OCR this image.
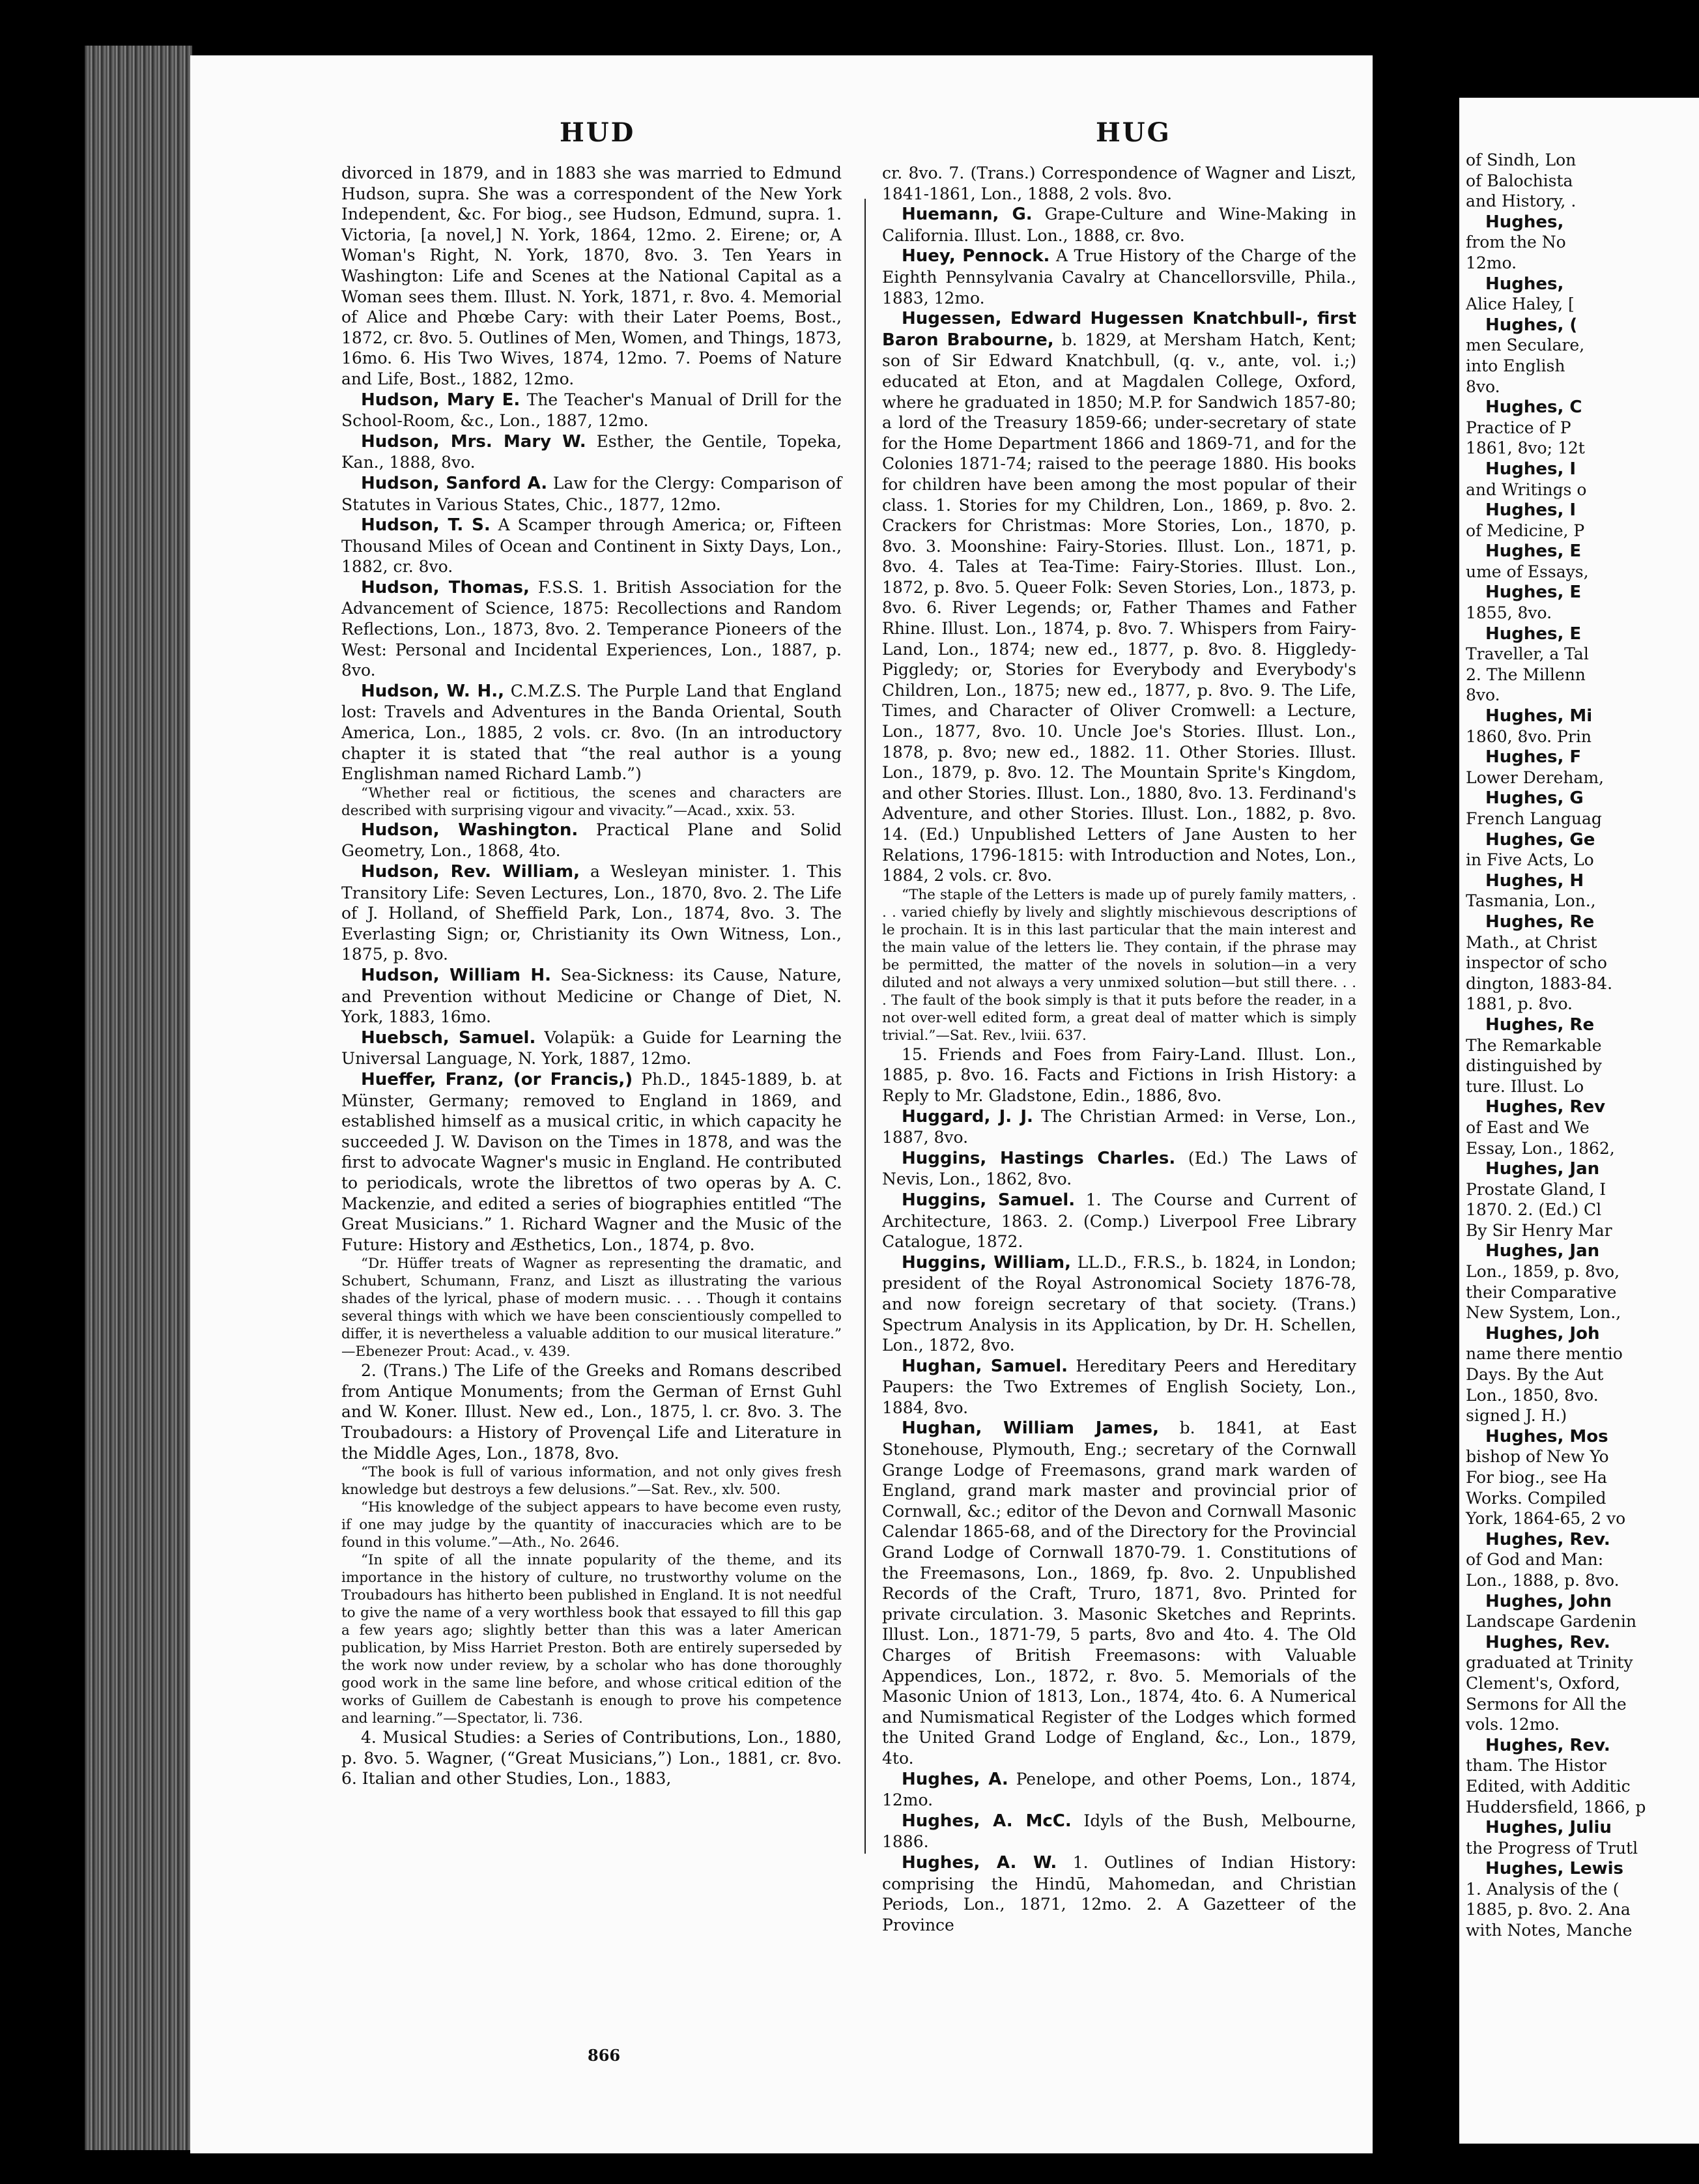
HUD	HUG

divorced in 1879, and in 1883 she was married to Edmund Hudson, supra. She was a correspondent of the New York Independent, &c. For biog., see Hudson, Edmund, supra. 1. Victoria, [a novel,] N. York, 1864, 12mo. 2. Eirene; or, A Woman's Right, N. York, 1870, 8vo. 3. Ten Years in Washington: Life and Scenes at the National Capital as a Woman sees them. Illust. N. York, 1871, r. 8vo. 4. Memorial of Alice and Phœbe Cary: with their Later Poems, Bost., 1872, cr. 8vo. 5. Outlines of Men, Women, and Things, 1873, 16mo. 6. His Two Wives, 1874, 12mo. 7. Poems of Nature and Life, Bost., 1882, 12mo.

Hudson, Mary E. The Teacher's Manual of Drill for the School-Room, &c., Lon., 1887, 12mo.

Hudson, Mrs. Mary W. Esther, the Gentile, Topeka, Kan., 1888, 8vo.

Hudson, Sanford A. Law for the Clergy: Comparison of Statutes in Various States, Chic., 1877, 12mo.

Hudson, T. S. A Scamper through America; or, Fifteen Thousand Miles of Ocean and Continent in Sixty Days, Lon., 1882, cr. 8vo.

Hudson, Thomas, F.S.S. 1. British Association for the Advancement of Science, 1875: Recollections and Random Reflections, Lon., 1873, 8vo. 2. Temperance Pioneers of the West: Personal and Incidental Experiences, Lon., 1887, p. 8vo.

Hudson, W. H., C.M.Z.S. The Purple Land that England lost: Travels and Adventures in the Banda Oriental, South America, Lon., 1885, 2 vols. cr. 8vo. (In an introductory chapter it is stated that “the real author is a young Englishman named Richard Lamb.”)

“Whether real or fictitious, the scenes and characters are described with surprising vigour and vivacity.”—Acad., xxix. 53.

Hudson, Washington. Practical Plane and Solid Geometry, Lon., 1868, 4to.

Hudson, Rev. William, a Wesleyan minister. 1. This Transitory Life: Seven Lectures, Lon., 1870, 8vo. 2. The Life of J. Holland, of Sheffield Park, Lon., 1874, 8vo. 3. The Everlasting Sign; or, Christianity its Own Witness, Lon., 1875, p. 8vo.

Hudson, William H. Sea-Sickness: its Cause, Nature, and Prevention without Medicine or Change of Diet, N. York, 1883, 16mo.

Huebsch, Samuel. Volapük: a Guide for Learning the Universal Language, N. York, 1887, 12mo.

Hueffer, Franz, (or Francis,) Ph.D., 1845-1889, b. at Münster, Germany; removed to England in 1869, and established himself as a musical critic, in which capacity he succeeded J. W. Davison on the Times in 1878, and was the first to advocate Wagner's music in England. He contributed to periodicals, wrote the librettos of two operas by A. C. Mackenzie, and edited a series of biographies entitled “The Great Musicians.” 1. Richard Wagner and the Music of the Future: History and Æsthetics, Lon., 1874, p. 8vo.

“Dr. Hüffer treats of Wagner as representing the dramatic, and Schubert, Schumann, Franz, and Liszt as illustrating the various shades of the lyrical, phase of modern music. . . . Though it contains several things with which we have been conscientiously compelled to differ, it is nevertheless a valuable addition to our musical literature.” —Ebenezer Prout: Acad., v. 439.

2. (Trans.) The Life of the Greeks and Romans described from Antique Monuments; from the German of Ernst Guhl and W. Koner. Illust. New ed., Lon., 1875, l. cr. 8vo. 3. The Troubadours: a History of Provençal Life and Literature in the Middle Ages, Lon., 1878, 8vo.

“The book is full of various information, and not only gives fresh knowledge but destroys a few delusions.”—Sat. Rev., xlv. 500.

“His knowledge of the subject appears to have become even rusty, if one may judge by the quantity of inaccuracies which are to be found in this volume.”—Ath., No. 2646.

“In spite of all the innate popularity of the theme, and its importance in the history of culture, no trustworthy volume on the Troubadours has hitherto been published in England. It is not needful to give the name of a very worthless book that essayed to fill this gap a few years ago; slightly better than this was a later American publication, by Miss Harriet Preston. Both are entirely superseded by the work now under review, by a scholar who has done thoroughly good work in the same line before, and whose critical edition of the works of Guillem de Cabestanh is enough to prove his competence and learning.”—Spectator, li. 736.

4. Musical Studies: a Series of Contributions, Lon., 1880, p. 8vo. 5. Wagner, (“Great Musicians,”) Lon., 1881, cr. 8vo. 6. Italian and other Studies, Lon., 1883,

cr. 8vo. 7. (Trans.) Correspondence of Wagner and Liszt, 1841-1861, Lon., 1888, 2 vols. 8vo.

Huemann, G. Grape-Culture and Wine-Making in California. Illust. Lon., 1888, cr. 8vo.

Huey, Pennock. A True History of the Charge of the Eighth Pennsylvania Cavalry at Chancellorsville, Phila., 1883, 12mo.

Hugessen, Edward Hugessen Knatchbull-, first Baron Brabourne, b. 1829, at Mersham Hatch, Kent; son of Sir Edward Knatchbull, (q. v., ante, vol. i.;) educated at Eton, and at Magdalen College, Oxford, where he graduated in 1850; M.P. for Sandwich 1857-80; a lord of the Treasury 1859-66; under-secretary of state for the Home Department 1866 and 1869-71, and for the Colonies 1871-74; raised to the peerage 1880. His books for children have been among the most popular of their class. 1. Stories for my Children, Lon., 1869, p. 8vo. 2. Crackers for Christmas: More Stories, Lon., 1870, p. 8vo. 3. Moonshine: Fairy-Stories. Illust. Lon., 1871, p. 8vo. 4. Tales at Tea-Time: Fairy-Stories. Illust. Lon., 1872, p. 8vo. 5. Queer Folk: Seven Stories, Lon., 1873, p. 8vo. 6. River Legends; or, Father Thames and Father Rhine. Illust. Lon., 1874, p. 8vo. 7. Whispers from Fairy-Land, Lon., 1874; new ed., 1877, p. 8vo. 8. Higgledy-Piggledy; or, Stories for Everybody and Everybody's Children, Lon., 1875; new ed., 1877, p. 8vo. 9. The Life, Times, and Character of Oliver Cromwell: a Lecture, Lon., 1877, 8vo. 10. Uncle Joe's Stories. Illust. Lon., 1878, p. 8vo; new ed., 1882. 11. Other Stories. Illust. Lon., 1879, p. 8vo. 12. The Mountain Sprite's Kingdom, and other Stories. Illust. Lon., 1880, 8vo. 13. Ferdinand's Adventure, and other Stories. Illust. Lon., 1882, p. 8vo. 14. (Ed.) Unpublished Letters of Jane Austen to her Relations, 1796-1815: with Introduction and Notes, Lon., 1884, 2 vols. cr. 8vo.

“The staple of the Letters is made up of purely family matters, . . . varied chiefly by lively and slightly mischievous descriptions of le prochain. It is in this last particular that the main interest and the main value of the letters lie. They contain, if the phrase may be permitted, the matter of the novels in solution—in a very diluted and not always a very unmixed solution—but still there. . . . The fault of the book simply is that it puts before the reader, in a not over-well edited form, a great deal of matter which is simply trivial.”—Sat. Rev., lviii. 637.

15. Friends and Foes from Fairy-Land. Illust. Lon., 1885, p. 8vo. 16. Facts and Fictions in Irish History: a Reply to Mr. Gladstone, Edin., 1886, 8vo.

Huggard, J. J. The Christian Armed: in Verse, Lon., 1887, 8vo.

Huggins, Hastings Charles. (Ed.) The Laws of Nevis, Lon., 1862, 8vo.

Huggins, Samuel. 1. The Course and Current of Architecture, 1863. 2. (Comp.) Liverpool Free Library Catalogue, 1872.

Huggins, William, LL.D., F.R.S., b. 1824, in London; president of the Royal Astronomical Society 1876-78, and now foreign secretary of that society. (Trans.) Spectrum Analysis in its Application, by Dr. H. Schellen, Lon., 1872, 8vo.

Hughan, Samuel. Hereditary Peers and Hereditary Paupers: the Two Extremes of English Society, Lon., 1884, 8vo.

Hughan, William James, b. 1841, at East Stonehouse, Plymouth, Eng.; secretary of the Cornwall Grange Lodge of Freemasons, grand mark warden of England, grand mark master and provincial prior of Cornwall, &c.; editor of the Devon and Cornwall Masonic Calendar 1865-68, and of the Directory for the Provincial Grand Lodge of Cornwall 1870-79. 1. Constitutions of the Freemasons, Lon., 1869, fp. 8vo. 2. Unpublished Records of the Craft, Truro, 1871, 8vo. Printed for private circulation. 3. Masonic Sketches and Reprints. Illust. Lon., 1871-79, 5 parts, 8vo and 4to. 4. The Old Charges of British Freemasons: with Valuable Appendices, Lon., 1872, r. 8vo. 5. Memorials of the Masonic Union of 1813, Lon., 1874, 4to. 6. A Numerical and Numismatical Register of the Lodges which formed the United Grand Lodge of England, &c., Lon., 1879, 4to.

Hughes, A. Penelope, and other Poems, Lon., 1874, 12mo.

Hughes, A. McC. Idyls of the Bush, Melbourne, 1886.

Hughes, A. W. 1. Outlines of Indian History: comprising the Hindū, Mahomedan, and Christian Periods, Lon., 1871, 12mo. 2. A Gazetteer of the Province

866
of Sindh, Lon
of Balochista
and History, .
Hughes,
from the No
12mo.
Hughes,
Alice Haley, [
Hughes, (
men Seculare,
into English
8vo.
Hughes, C
Practice of P
1861, 8vo; 12t
Hughes, I
and Writings o
Hughes, I
of Medicine, P
Hughes, E
ume of Essays,
Hughes, E
1855, 8vo.
Hughes, E
Traveller, a Tal
2. The Millenn
8vo.
Hughes, Mi
1860, 8vo. Prin
Hughes, F
Lower Dereham,
Hughes, G
French Languag
Hughes, Ge
in Five Acts, Lo
Hughes, H
Tasmania, Lon.,
Hughes, Re
Math., at Christ
inspector of scho
dington, 1883-84.
1881, p. 8vo.
Hughes, Re
The Remarkable
distinguished by
ture. Illust. Lo
Hughes, Rev
of East and We
Essay, Lon., 1862,
Hughes, Jan
Prostate Gland, I
1870. 2. (Ed.) Cl
By Sir Henry Mar
Hughes, Jan
Lon., 1859, p. 8vo,
their Comparative
New System, Lon.,
Hughes, Joh
name there mentio
Days. By the Aut
Lon., 1850, 8vo.
signed J. H.)
Hughes, Mos
bishop of New Yo
For biog., see Ha
Works. Compiled
York, 1864-65, 2 vo
Hughes, Rev.
of God and Man:
Lon., 1888, p. 8vo.
Hughes, John
Landscape Gardenin
Hughes, Rev.
graduated at Trinity
Clement's, Oxford,
Sermons for All the
vols. 12mo.
Hughes, Rev.
tham. The Histor
Edited, with Additic
Huddersfield, 1866, p
Hughes, Juliu
the Progress of Trutl
Hughes, Lewis
1. Analysis of the (
1885, p. 8vo. 2. Ana
with Notes, Manche
